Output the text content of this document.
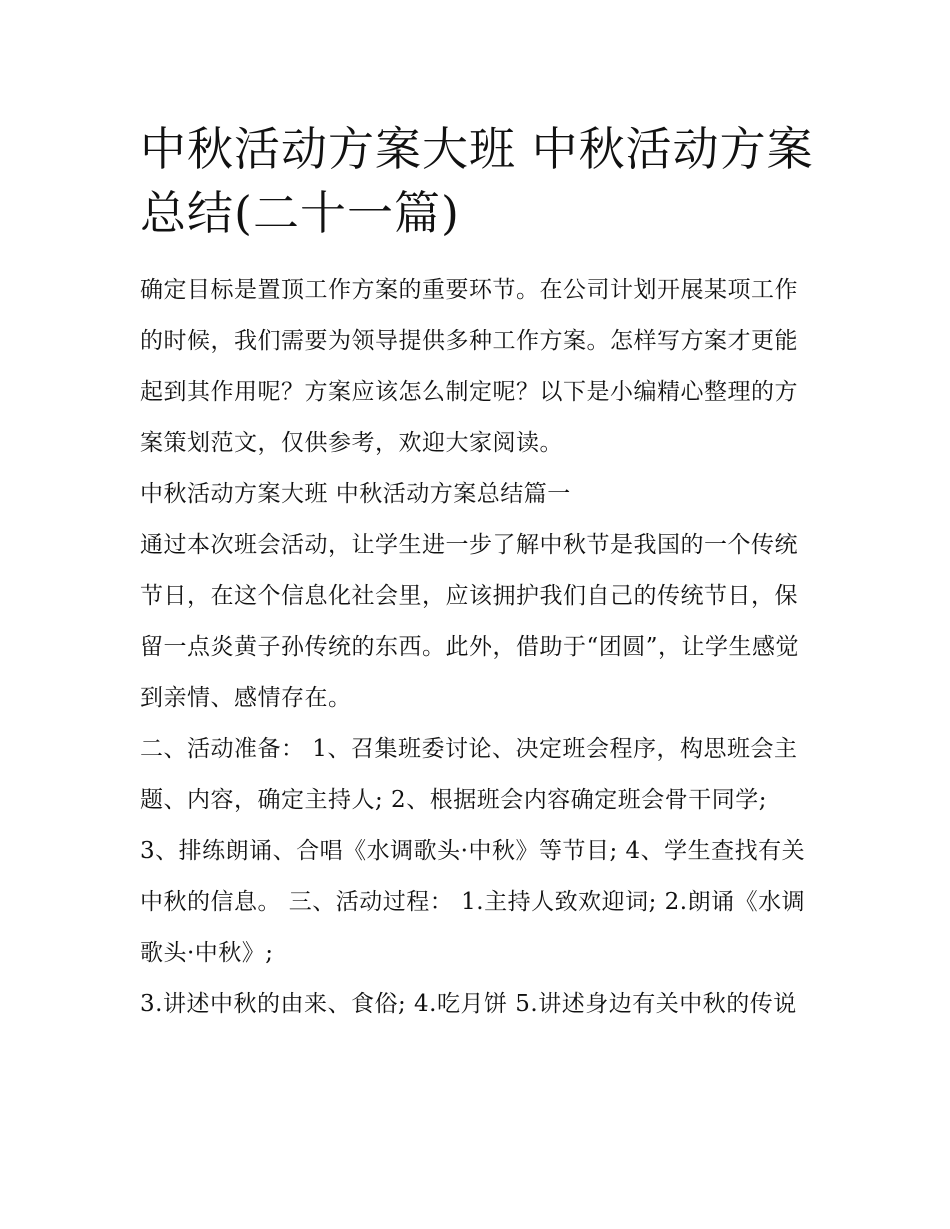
中秋活动方案大班 中秋活动方案总结(二十一篇)

确定目标是置顶工作方案的重要环节。在公司计划开展某项工作的时候，我们需要为领导提供多种工作方案。怎样写方案才更能起到其作用呢？方案应该怎么制定呢？以下是小编精心整理的方案策划范文，仅供参考，欢迎大家阅读。

中秋活动方案大班 中秋活动方案总结篇一

通过本次班会活动，让学生进一步了解中秋节是我国的一个传统节日，在这个信息化社会里，应该拥护我们自己的传统节日，保留一点炎黄子孙传统的东西。此外，借助于“团圆”，让学生感觉到亲情、感情存在。

二、活动准备： 1、召集班委讨论、决定班会程序，构思班会主题、内容，确定主持人; 2、根据班会内容确定班会骨干同学;

3、排练朗诵、合唱《水调歌头·中秋》等节目; 4、学生查找有关中秋的信息。 三、活动过程： 1.主持人致欢迎词; 2.朗诵《水调歌头·中秋》;

3.讲述中秋的由来、食俗; 4.吃月饼 5.讲述身边有关中秋的传说
